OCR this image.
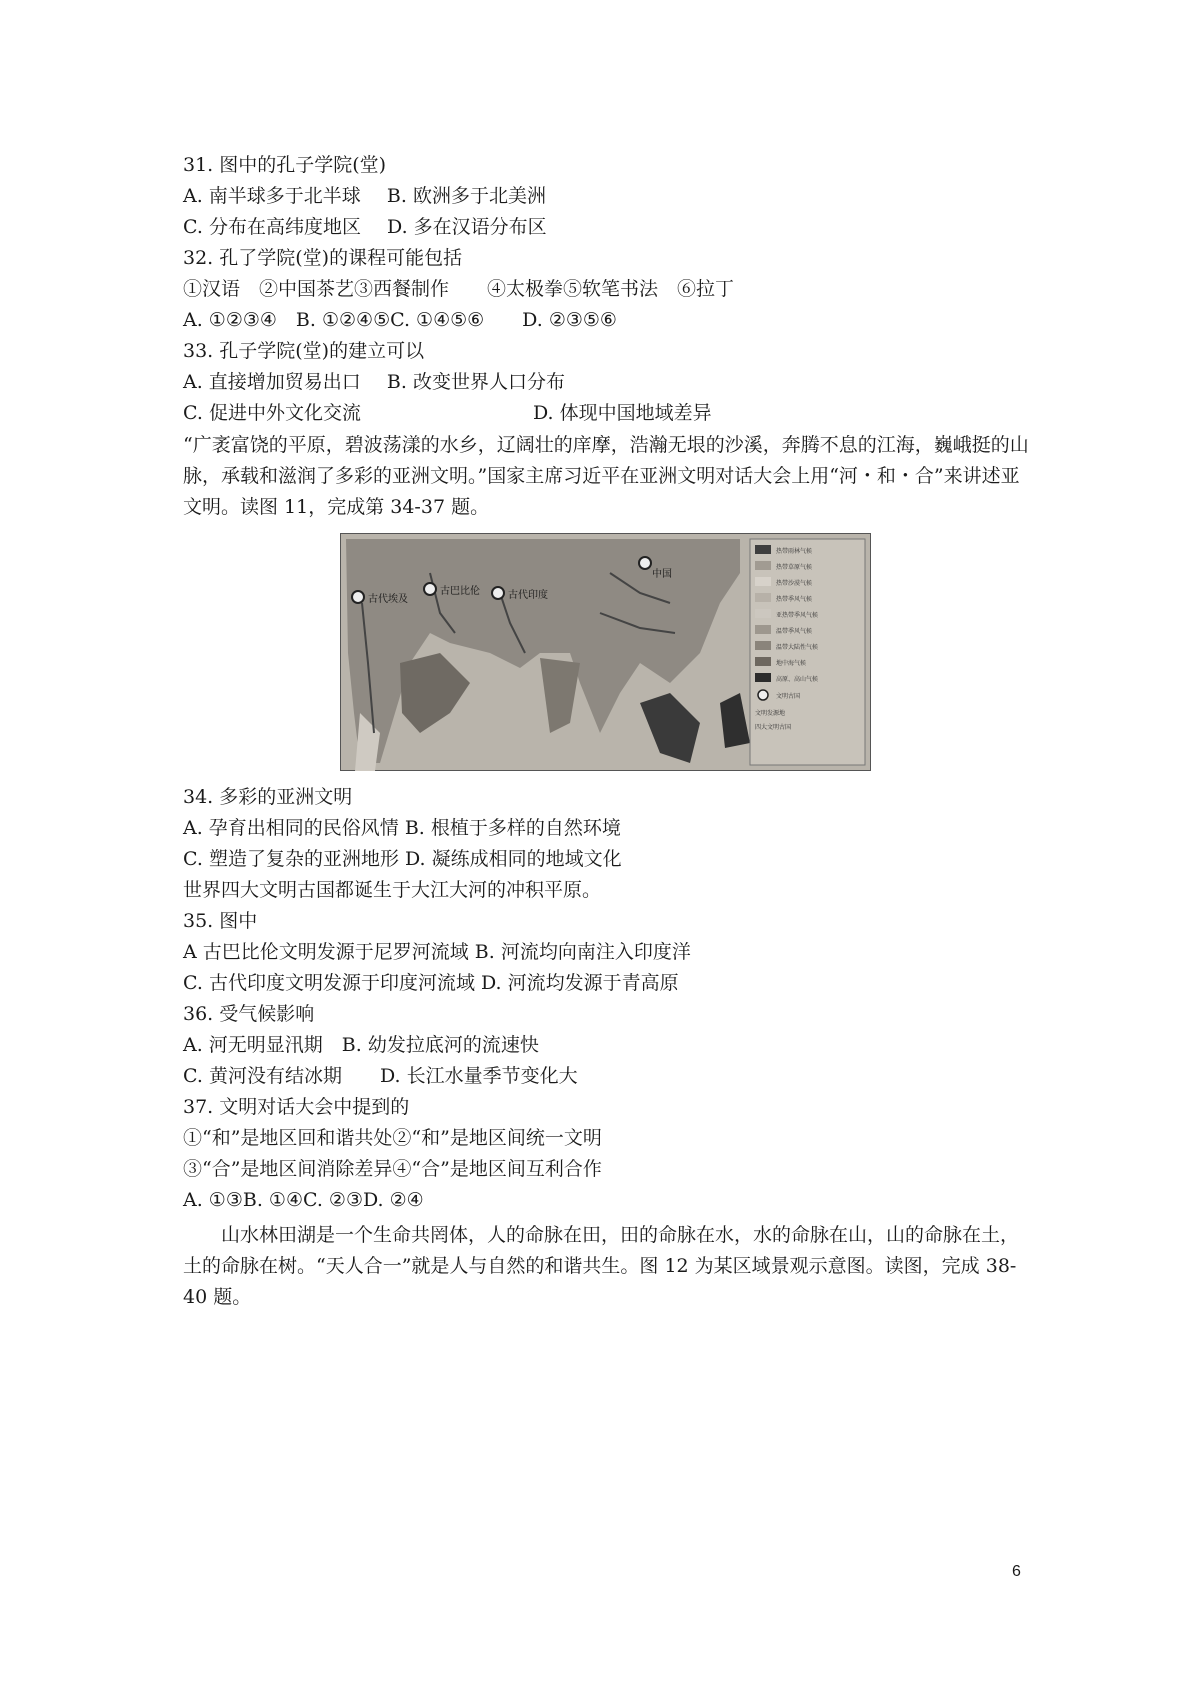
31. 图中的孔子学院(堂)
A. 南半球多于北半球 B. 欧洲多于北美洲
C. 分布在高纬度地区 D. 多在汉语分布区
32. 孔了学院(堂)的课程可能包括
①汉语　②中国茶艺③西餐制作　　④太极拳⑤软笔书法　⑥拉丁
A. ①②③④　B. ①②④⑤C. ①④⑤⑥　　D. ②③⑤⑥
33. 孔子学院(堂)的建立可以
A. 直接增加贸易出口 B. 改变世界人口分布
C. 促进中外文化交流	D. 体现中国地域差异
“广袤富饶的平原，碧波荡漾的水乡，辽阔壮的庠摩，浩瀚无垠的沙溪，奔腾不息的江海，巍峨挺的山脉，承载和滋润了多彩的亚洲文明。”国家主席习近平在亚洲文明对话大会上用“河・和・合”来讲述亚文明。读图 11，完成第 34-37 题。
古代埃及
古巴比伦	古代印度
中国
热带雨林气候
热带草原气候
热带沙漠气候
热带季风气候
亚热带季风气候
温带季风气候
温带大陆性气候
地中海气候
高原、高山气候
文明古国
文明发源地
四大文明古国
34. 多彩的亚洲文明
A. 孕育出相同的民俗风情 B. 根植于多样的自然环境
C. 塑造了复杂的亚洲地形 D. 凝练成相同的地域文化
世界四大文明古国都诞生于大江大河的冲积平原。
35. 图中
A 古巴比伦文明发源于尼罗河流域 B. 河流均向南注入印度洋
C. 古代印度文明发源于印度河流域 D. 河流均发源于青高原
36. 受气候影响
A. 河无明显汛期　B. 幼发拉底河的流速快
C. 黄河没有结冰期　　D. 长江水量季节变化大
37. 文明对话大会中提到的
①“和”是地区回和谐共处②“和”是地区间统一文明
③“合”是地区间消除差异④“合”是地区间互利合作
A. ①③B. ①④C. ②③D. ②④
山水林田湖是一个生命共罔体，人的命脉在田，田的命脉在水，水的命脉在山，山的命脉在土，土的命脉在树。“天人合一”就是人与自然的和谐共生。图 12 为某区域景观示意图。读图，完成 38-40 题。
6
